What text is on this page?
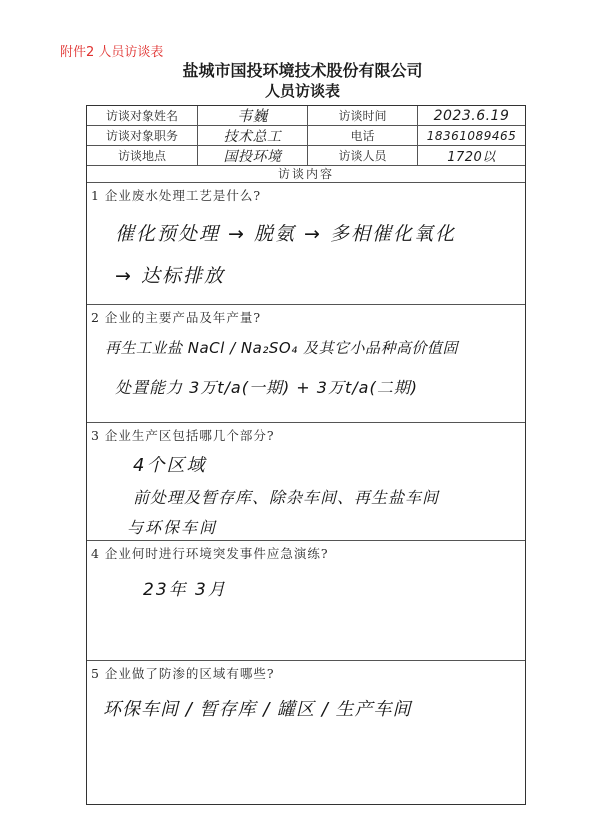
附件2 人员访谈表
盐城市国投环境技术股份有限公司
人员访谈表
访谈对象姓名	韦巍	访谈时间	2023.6.19
访谈对象职务	技术总工	电话	18361089465
访谈地点	国投环境	访谈人员	1720以
访谈内容
1 企业废水处理工艺是什么?
催化预处理 → 脱氨 → 多相催化氧化
→ 达标排放
2 企业的主要产品及年产量?
再生工业盐 NaCl / Na₂SO₄ 及其它小品种高价值固
处置能力 3万t/a(一期) + 3万t/a(二期)
3 企业生产区包括哪几个部分?
4个区域
前处理及暂存库、除杂车间、再生盐车间
与环保车间
4 企业何时进行环境突发事件应急演练?
23年 3月
5 企业做了防渗的区域有哪些?
环保车间 / 暂存库 / 罐区 / 生产车间
